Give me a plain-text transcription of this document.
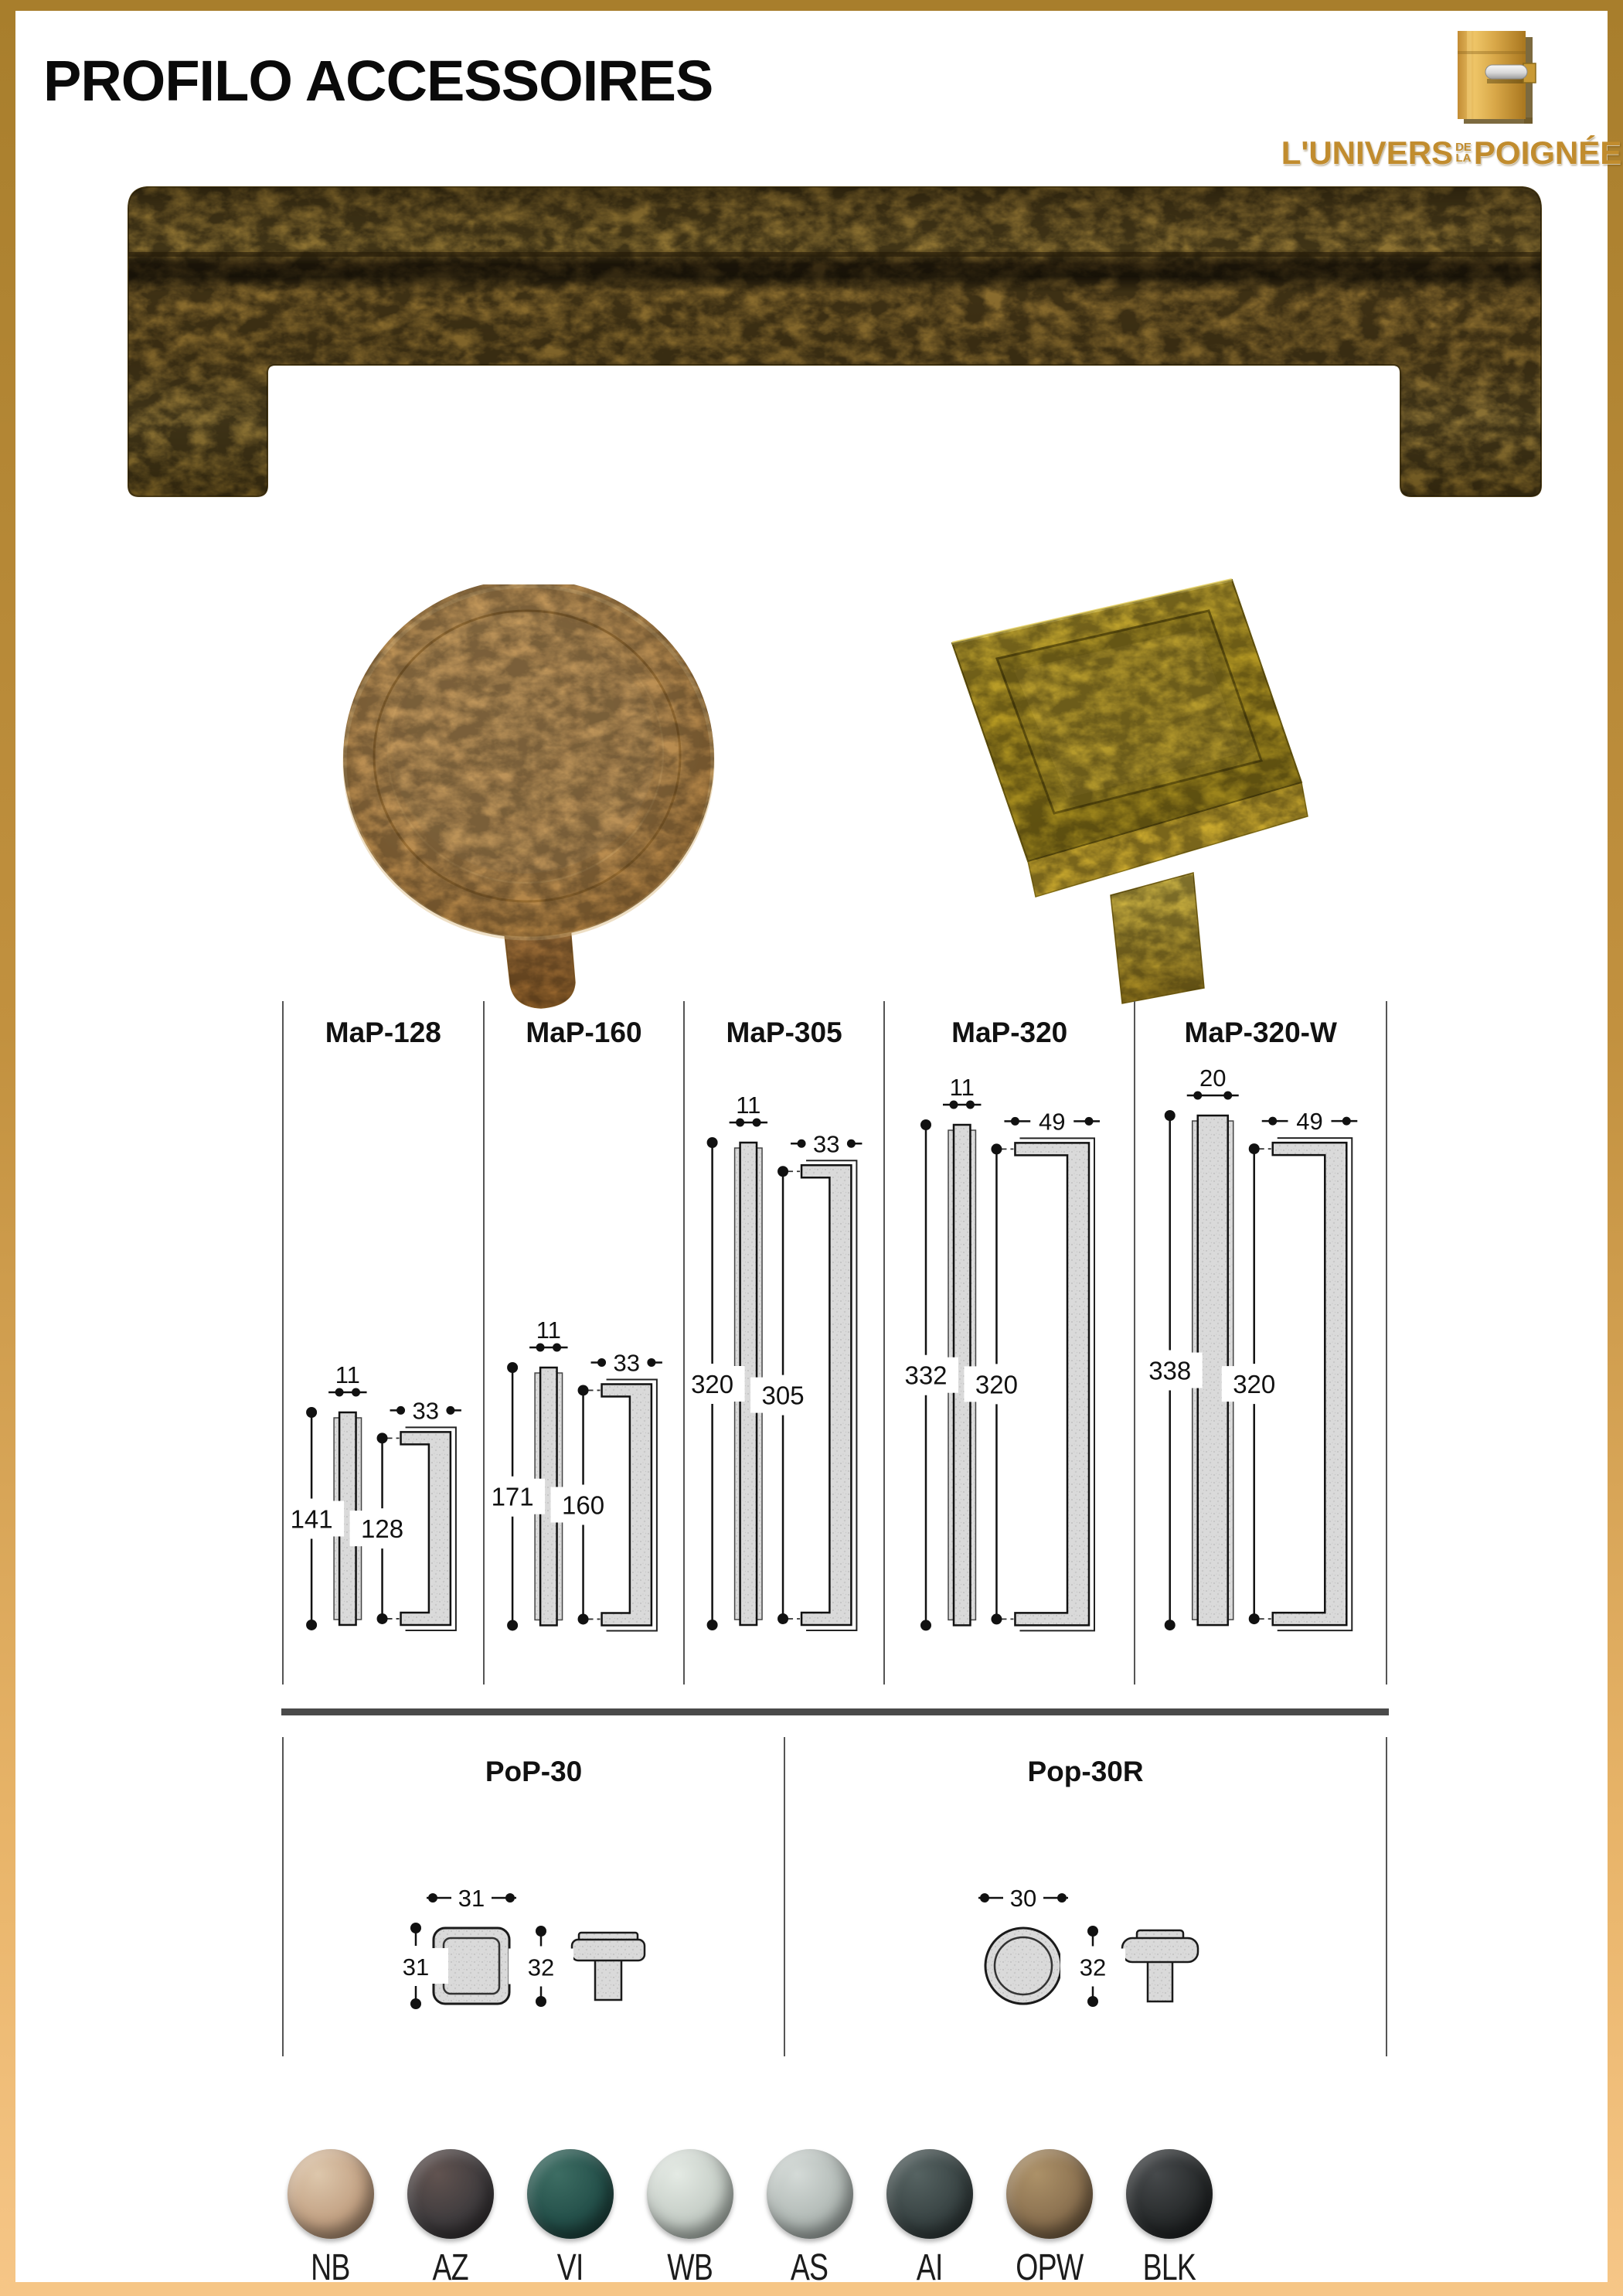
PROFILO ACCESSOIRES
L'UNIVERS DE
LA POIGNÉE
MaP-128
11
141
33
128
MaP-160
11
171
33
160
MaP-305
11
320
33
305
MaP-320
11
332
49
320
MaP-320-W
20
338
49
320
PoP-30
31
31	32
Pop-30R
30
32
NB AZ VI WB AS AI OPW BLK
